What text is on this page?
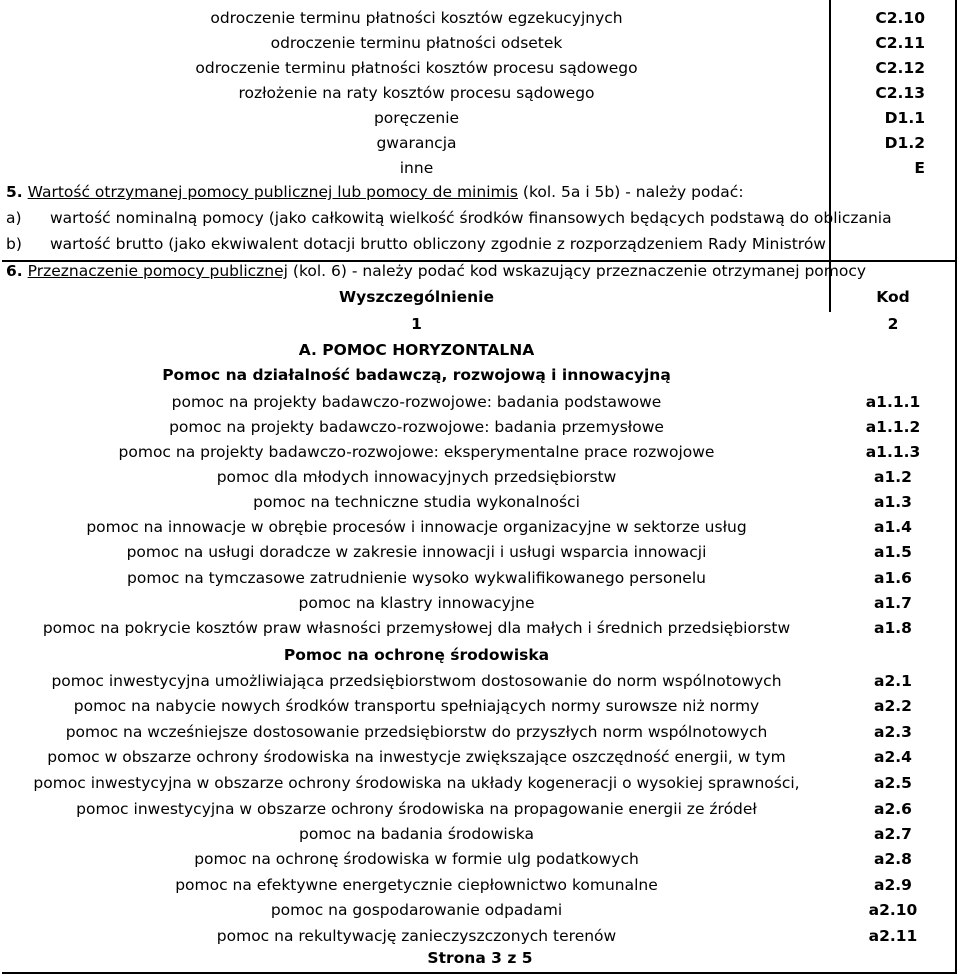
odroczenie terminu płatności kosztów egzekucyjnych	C2.10
odroczenie terminu płatności odsetek	C2.11
odroczenie terminu płatności kosztów procesu sądowego	C2.12
rozłożenie na raty kosztów procesu sądowego	C2.13
poręczenie	D1.1
gwarancja	D1.2
inne	E
5. Wartość otrzymanej pomocy publicznej lub pomocy de minimis (kol. 5a i 5b) - należy podać:
a) wartość nominalną pomocy (jako całkowitą wielkość środków finansowych będących podstawą do obliczania
b) wartość brutto (jako ekwiwalent dotacji brutto obliczony zgodnie z rozporządzeniem Rady Ministrów
6. Przeznaczenie pomocy publicznej (kol. 6) - należy podać kod wskazujący przeznaczenie otrzymanej pomocy
Wyszczególnienie	Kod
1	2
A. POMOC HORYZONTALNA
Pomoc na działalność badawczą, rozwojową i innowacyjną
pomoc na projekty badawczo-rozwojowe: badania podstawowe	a1.1.1
pomoc na projekty badawczo-rozwojowe: badania przemysłowe	a1.1.2
pomoc na projekty badawczo-rozwojowe: eksperymentalne prace rozwojowe	a1.1.3
pomoc dla młodych innowacyjnych przedsiębiorstw	a1.2
pomoc na techniczne studia wykonalności	a1.3
pomoc na innowacje w obrębie procesów i innowacje organizacyjne w sektorze usług	a1.4
pomoc na usługi doradcze w zakresie innowacji i usługi wsparcia innowacji	a1.5
pomoc na tymczasowe zatrudnienie wysoko wykwalifikowanego personelu	a1.6
pomoc na klastry innowacyjne	a1.7
pomoc na pokrycie kosztów praw własności przemysłowej dla małych i średnich przedsiębiorstw	a1.8
Pomoc na ochronę środowiska
pomoc inwestycyjna umożliwiająca przedsiębiorstwom dostosowanie do norm wspólnotowych	a2.1
pomoc na nabycie nowych środków transportu spełniających normy surowsze niż normy	a2.2
pomoc na wcześniejsze dostosowanie przedsiębiorstw do przyszłych norm wspólnotowych	a2.3
pomoc w obszarze ochrony środowiska na inwestycje zwiększające oszczędność energii, w tym	a2.4
pomoc inwestycyjna w obszarze ochrony środowiska na układy kogeneracji o wysokiej sprawności,	a2.5
pomoc inwestycyjna w obszarze ochrony środowiska na propagowanie energii ze źródeł	a2.6
pomoc na badania środowiska	a2.7
pomoc na ochronę środowiska w formie ulg podatkowych	a2.8
pomoc na efektywne energetycznie ciepłownictwo komunalne	a2.9
pomoc na gospodarowanie odpadami	a2.10
pomoc na rekultywację zanieczyszczonych terenów	a2.11
Strona 3 z 5
